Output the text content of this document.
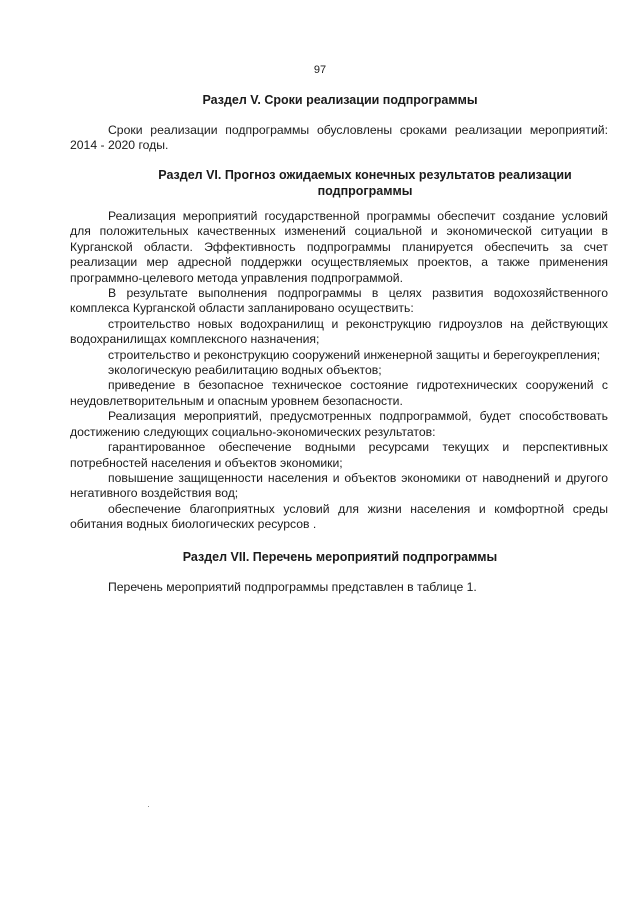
97
Раздел V. Сроки реализации подпрограммы
Сроки реализации подпрограммы обусловлены сроками реализации мероприятий: 2014 - 2020 годы.
Раздел VI. Прогноз ожидаемых конечных результатов реализации
подпрограммы

Реализация мероприятий государственной программы обеспечит создание условий для положительных качественных изменений социальной и экономической ситуации в Курганской области. Эффективность подпрограммы планируется обеспечить за счет реализации мер адресной поддержки осуществляемых проектов, а также применения программно-целевого метода управления подпрограммой.

В результате выполнения подпрограммы в целях развития водохозяйственного комплекса Курганской области запланировано осуществить:

строительство новых водохранилищ и реконструкцию гидроузлов на действующих водохранилищах комплексного назначения;

строительство и реконструкцию сооружений инженерной защиты и берегоукрепления;

экологическую реабилитацию водных объектов;

приведение в безопасное техническое состояние гидротехнических сооружений с неудовлетворительным и опасным уровнем безопасности.

Реализация мероприятий, предусмотренных подпрограммой, будет способствовать достижению следующих социально-экономических результатов:

гарантированное обеспечение водными ресурсами текущих и перспективных потребностей населения и объектов экономики;

повышение защищенности населения и объектов экономики от наводнений и другого негативного воздействия вод;

обеспечение благоприятных условий для жизни населения и комфортной среды обитания водных биологических ресурсов .

Раздел VII. Перечень мероприятий подпрограммы

Перечень мероприятий подпрограммы представлен в таблице 1.
